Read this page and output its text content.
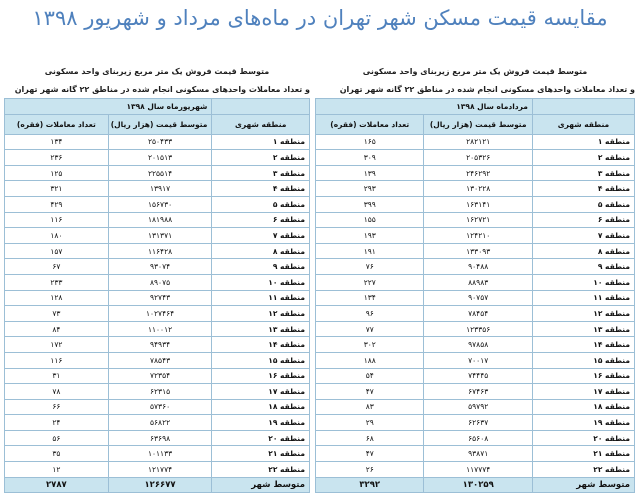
مقایسه قیمت مسکن شهر تهران در ماه‌های مرداد و شهریور ۱۳۹۸
متوسط قیمت فروش یک متر مربع زیربنای واحد مسکونی
و تعداد معاملات واحدهای مسکونی انجام شده در مناطق ۲۲ گانه شهر تهران
	شهریورماه سال ۱۳۹۸	
منطقه شهری	متوسط قیمت (هزار ریال)	تعداد معاملات (فقره)
منطقه ۱	۲۵۰۴۳۳	۱۳۴
منطقه ۲	۲۰۱۵۱۳	۲۳۶
منطقه ۳	۲۲۵۵۱۴	۱۲۵
منطقه ۴	۱۳۹۱۷	۳۲۱
منطقه ۵	۱۵۶۷۳۰	۴۲۹
منطقه ۶	۱۸۱۹۸۸	۱۱۶
منطقه ۷	۱۳۱۳۷۱	۱۸۰
منطقه ۸	۱۱۶۴۲۸	۱۵۷
منطقه ۹	۹۳۰۷۴	۶۷
منطقه ۱۰	۸۹۰۷۵	۲۳۳
منطقه ۱۱	۹۲۷۴۳	۱۲۸
منطقه ۱۲	۱۰۲۷۴۶۴	۷۳
منطقه ۱۳	۱۱۰۰۱۲	۸۴
منطقه ۱۴	۹۴۹۳۴	۱۷۲
منطقه ۱۵	۷۸۵۴۳	۱۱۶
منطقه ۱۶	۷۲۳۵۴	۳۱
منطقه ۱۷	۶۲۳۱۵	۷۸
منطقه ۱۸	۵۷۳۶۰	۶۶
منطقه ۱۹	۵۶۸۲۲	۲۴
منطقه ۲۰	۶۳۶۹۸	۵۶
منطقه ۲۱	۱۰۱۱۳۳	۳۵
منطقه ۲۲	۱۲۱۷۷۴	۱۲
متوسط شهر	۱۲۶۶۷۷	۲۷۸۷
متوسط قیمت فروش یک متر مربع زیربنای واحد مسکونی
و تعداد معاملات واحدهای مسکونی انجام شده در مناطق ۲۲ گانه شهر تهران
	مردادماه سال ۱۳۹۸	
منطقه شهری	متوسط قیمت (هزار ریال)	تعداد معاملات (فقره)
منطقه ۱	۲۸۲۱۲۱	۱۶۵
منطقه ۲	۲۰۵۳۲۶	۳۰۹
منطقه ۳	۲۴۶۲۹۲	۱۳۹
منطقه ۴	۱۳۰۲۲۸	۲۹۳
منطقه ۵	۱۶۳۱۴۱	۳۹۹
منطقه ۶	۱۶۲۷۲۱	۱۵۵
منطقه ۷	۱۲۴۲۱۰	۱۹۳
منطقه ۸	۱۳۳۰۹۳	۱۹۱
منطقه ۹	۹۰۴۸۸	۷۶
منطقه ۱۰	۸۸۹۸۳	۲۲۷
منطقه ۱۱	۹۰۷۵۷	۱۳۴
منطقه ۱۲	۷۸۴۵۴	۹۶
منطقه ۱۳	۱۲۳۳۵۶	۷۷
منطقه ۱۴	۹۷۸۵۸	۳۰۲
منطقه ۱۵	۷۰۰۱۷	۱۸۸
منطقه ۱۶	۷۴۴۴۵	۵۴
منطقه ۱۷	۶۷۴۶۳	۴۷
منطقه ۱۸	۵۹۷۹۲	۸۳
منطقه ۱۹	۶۲۶۳۷	۲۹
منطقه ۲۰	۶۵۶۰۸	۶۸
منطقه ۲۱	۹۳۸۷۱	۴۷
منطقه ۲۲	۱۱۷۷۷۴	۲۶
متوسط شهر	۱۳۰۲۵۹	۳۲۹۲
